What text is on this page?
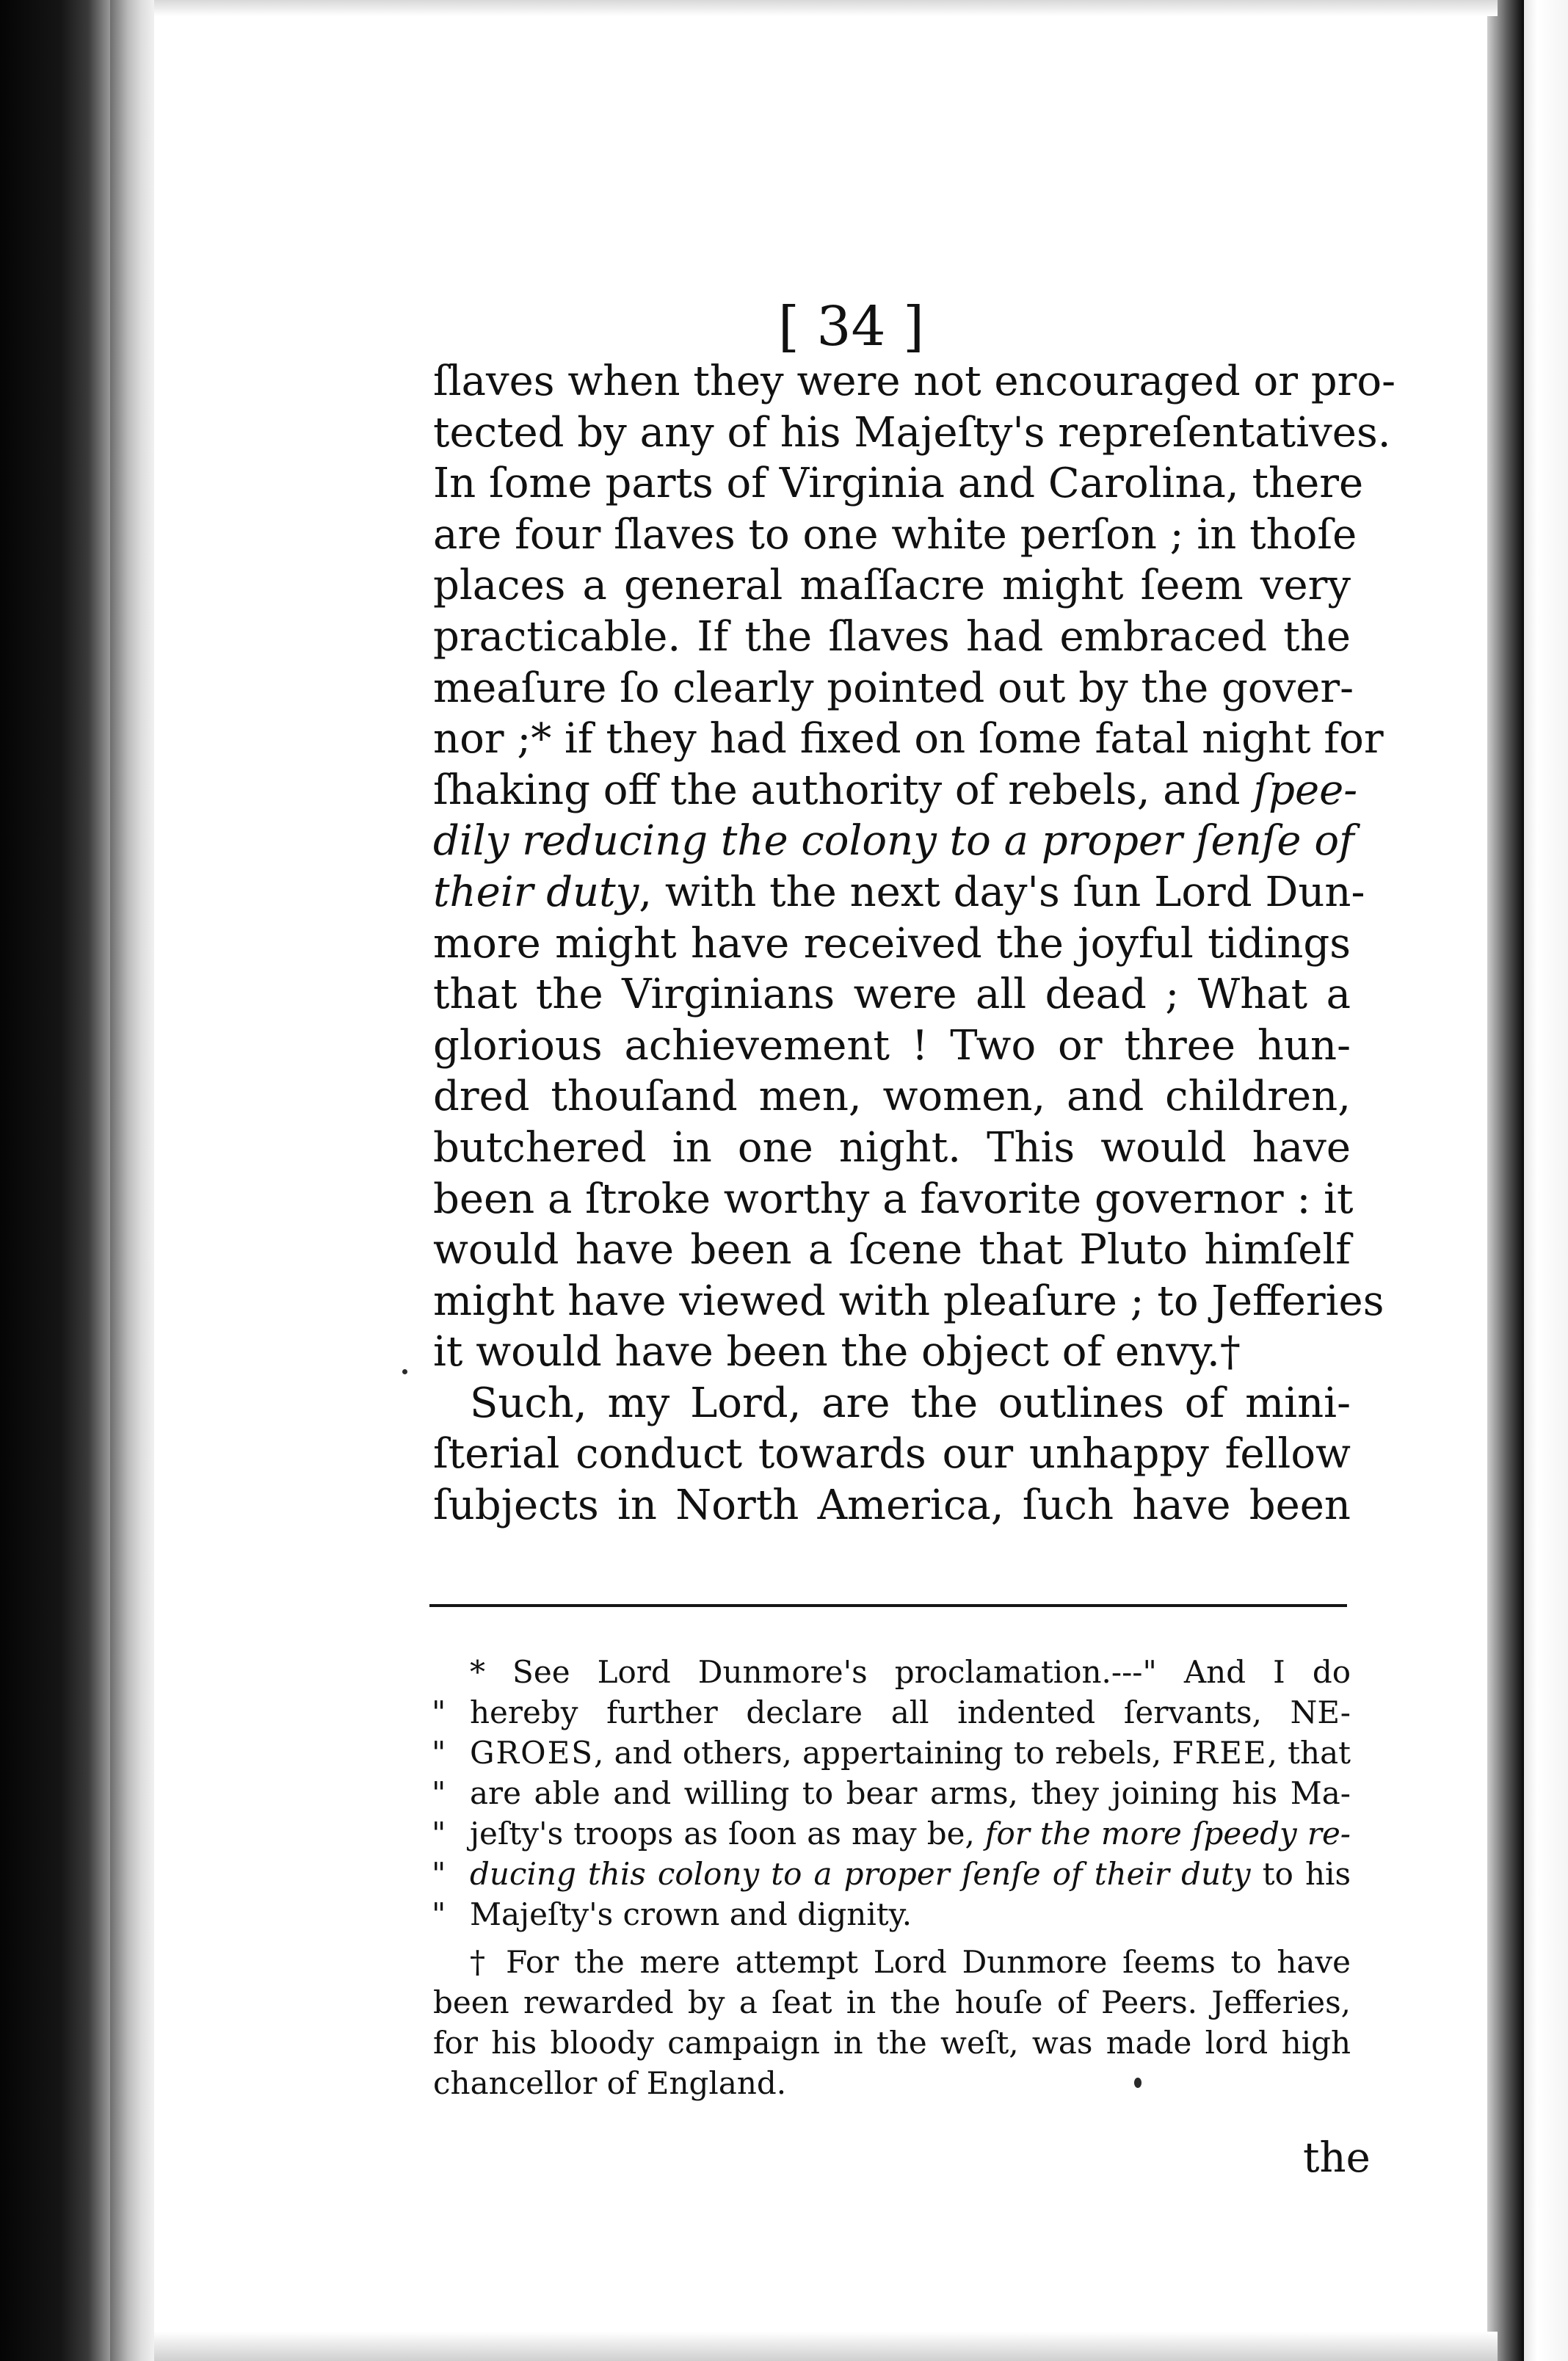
[ 34 ]
ſlaves when they were not encouraged or pro-
tected by any of his Majeſty's repreſentatives.
In ſome parts of Virginia and Carolina, there
are four ſlaves to one white perſon ; in thoſe
places a general maſſacre might ſeem very
practicable. If the ſlaves had embraced the
meaſure ſo clearly pointed out by the gover-
nor ;* if they had fixed on ſome fatal night for
ſhaking off the authority of rebels, and ſpee-
dily reducing the colony to a proper ſenſe of
their duty, with the next day's ſun Lord Dun-
more might have received the joyful tidings
that the Virginians were all dead ; What a
glorious achievement ! Two or three hun-
dred thouſand men, women, and children,
butchered in one night. This would have
been a ſtroke worthy a favorite governor : it
would have been a ſcene that Pluto himſelf
might have viewed with pleaſure ; to Jefferies
it would have been the object of envy.†
Such, my Lord, are the outlines of mini-
ſterial conduct towards our unhappy fellow
ſubjects in North America, ſuch have been
* See Lord Dunmore's proclamation.---" And I do
" hereby further declare all indented ſervants, NE-
" GROES, and others, appertaining to rebels, FREE, that
" are able and willing to bear arms, they joining his Ma-
" jeſty's troops as ſoon as may be, for the more ſpeedy re-
" ducing this colony to a proper ſenſe of their duty to his
" Majeſty's crown and dignity.
† For the mere attempt Lord Dunmore ſeems to have
been rewarded by a ſeat in the houſe of Peers. Jefferies,
for his bloody campaign in the weſt, was made lord high
chancellor of England.
the
